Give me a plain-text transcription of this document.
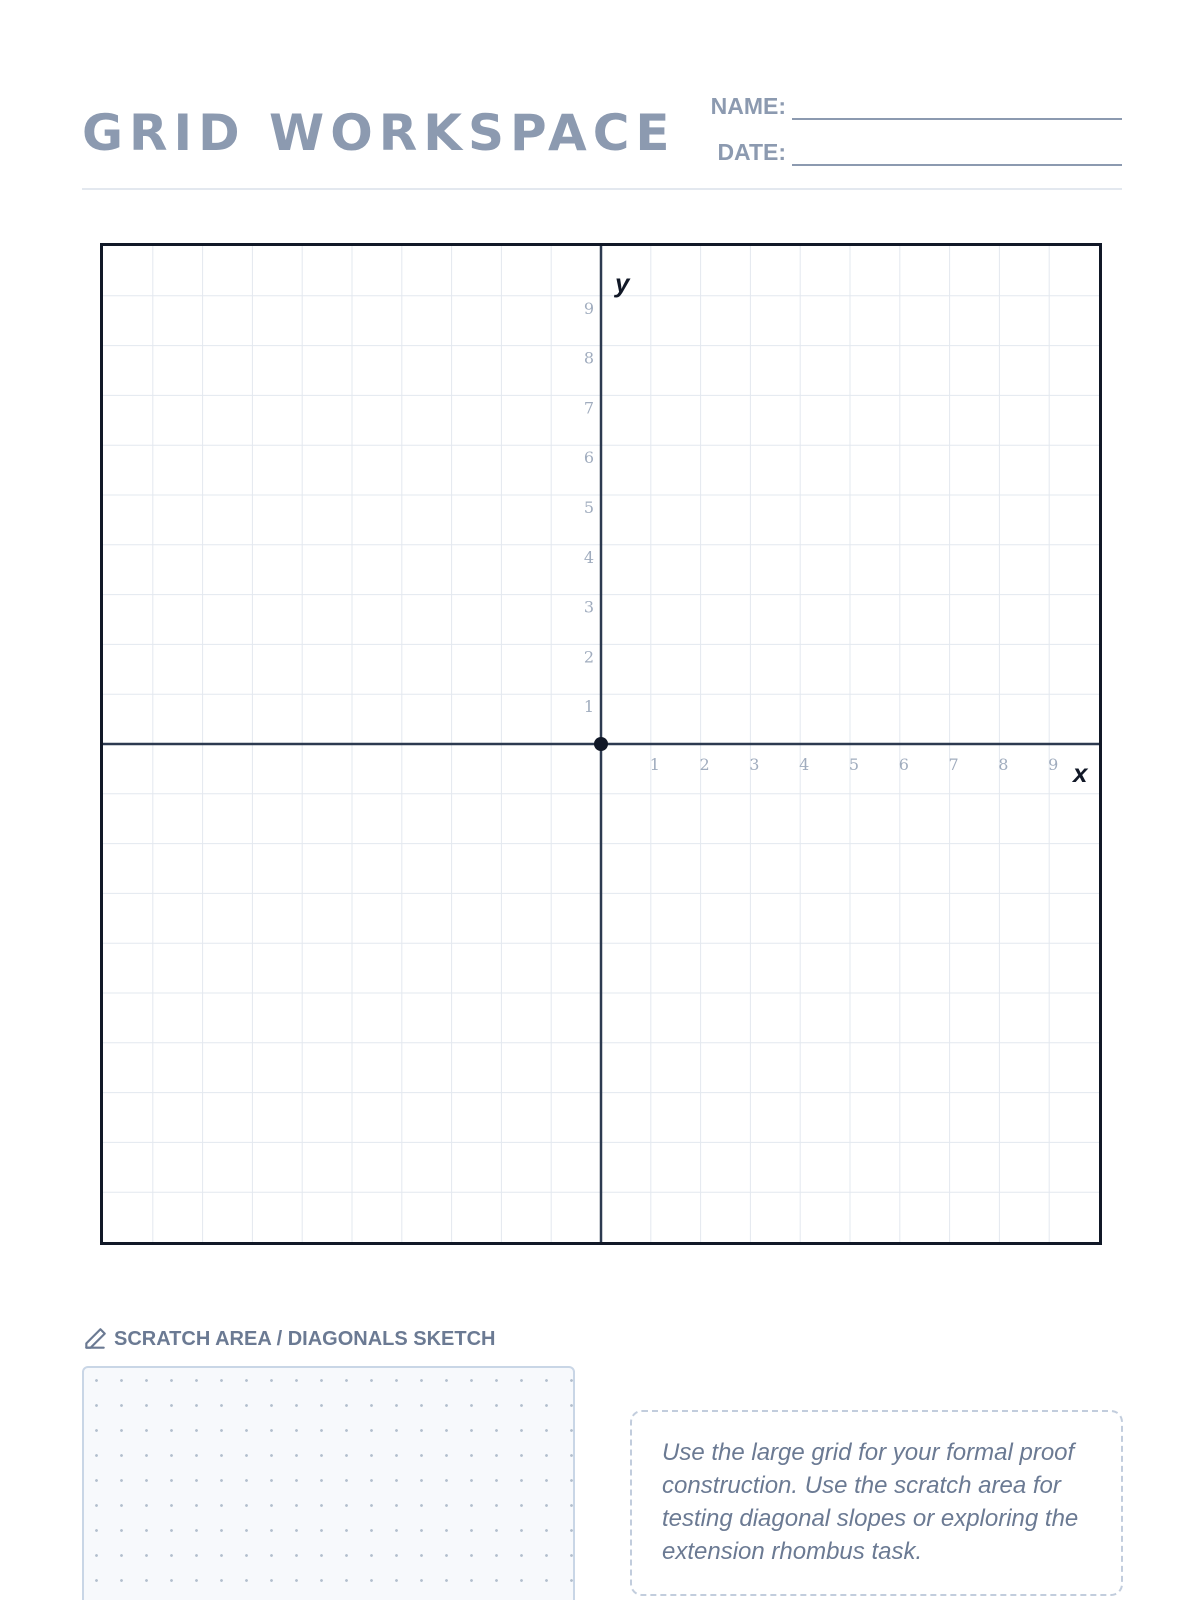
GRID WORKSPACE NAME:
DATE:
1 2 3 4 5 6 7 8 9
1
2
3
4
5
6
7
8
9
x
y
SCRATCH AREA / DIAGONALS SKETCH

Use the large grid for your formal proof construction. Use the scratch area for testing diagonal slopes or exploring the extension rhombus task.
